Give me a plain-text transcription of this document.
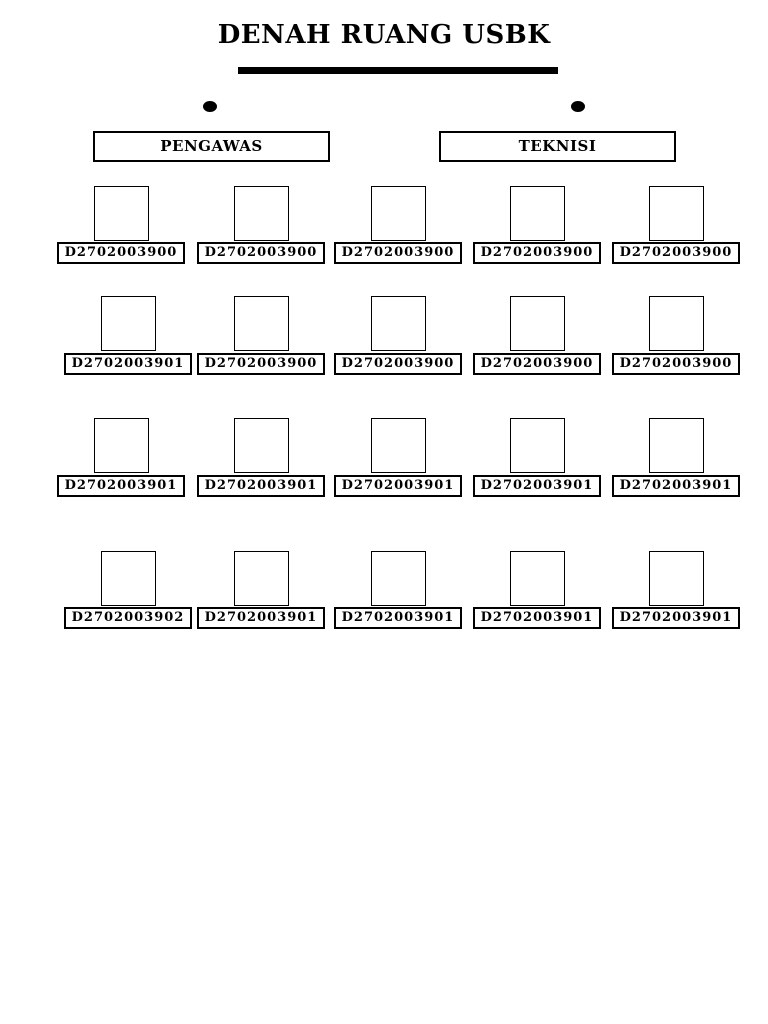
DENAH RUANG USBK
PENGAWAS	TEKNISI
D2702003900	D2702003900	D2702003900	D2702003900	D2702003900
D2702003901	D2702003900	D2702003900	D2702003900	D2702003900
D2702003901	D2702003901	D2702003901	D2702003901	D2702003901
D2702003902	D2702003901	D2702003901	D2702003901	D2702003901
